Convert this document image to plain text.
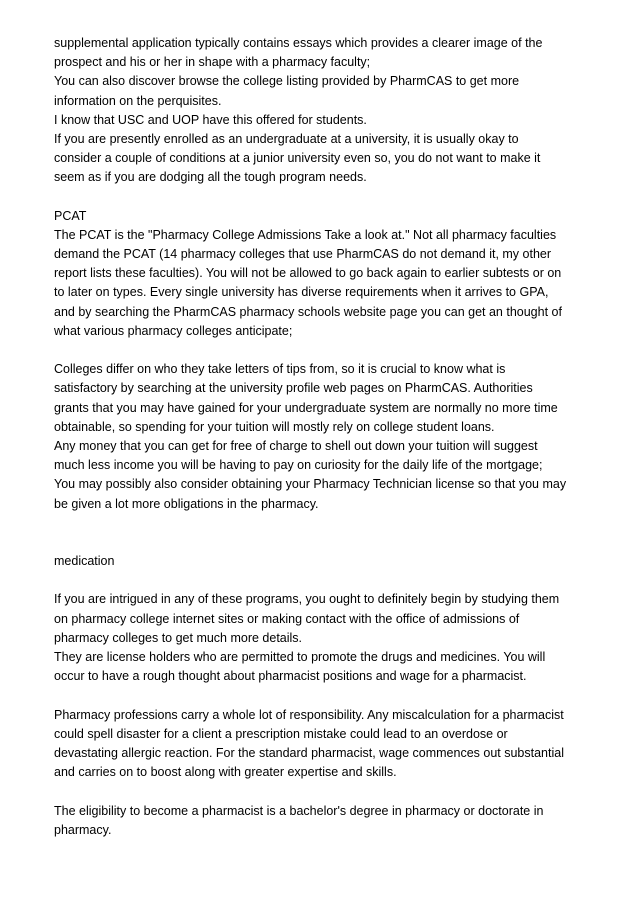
supplemental application typically contains essays which provides a clearer image of the

prospect and his or her in shape with a pharmacy faculty;

You can also discover browse the college listing provided by PharmCAS to get more

information on the perquisites.

I know that USC and UOP have this offered for students.

If you are presently enrolled as an undergraduate at a university, it is usually okay to

consider a couple of conditions at a junior university even so, you do not want to make it

seem as if you are dodging all the tough program needs.

PCAT

The PCAT is the "Pharmacy College Admissions Take a look at." Not all pharmacy faculties

demand the PCAT (14 pharmacy colleges that use PharmCAS do not demand it, my other

report lists these faculties). You will not be allowed to go back again to earlier subtests or on

to later on types. Every single university has diverse requirements when it arrives to GPA,

and by searching the PharmCAS pharmacy schools website page you can get an thought of

what various pharmacy colleges anticipate;

Colleges differ on who they take letters of tips from, so it is crucial to know what is

satisfactory by searching at the university profile web pages on PharmCAS. Authorities

grants that you may have gained for your undergraduate system are normally no more time

obtainable, so spending for your tuition will mostly rely on college student loans.

Any money that you can get for free of charge to shell out down your tuition will suggest

much less income you will be having to pay on curiosity for the daily life of the mortgage;

You may possibly also consider obtaining your Pharmacy Technician license so that you may

be given a lot more obligations in the pharmacy.

medication

If you are intrigued in any of these programs, you ought to definitely begin by studying them

on pharmacy college internet sites or making contact with the office of admissions of

pharmacy colleges to get much more details.

They are license holders who are permitted to promote the drugs and medicines. You will

occur to have a rough thought about pharmacist positions and wage for a pharmacist.

Pharmacy professions carry a whole lot of responsibility. Any miscalculation for a pharmacist

could spell disaster for a client a prescription mistake could lead to an overdose or

devastating allergic reaction. For the standard pharmacist, wage commences out substantial

and carries on to boost along with greater expertise and skills.

The eligibility to become a pharmacist is a bachelor's degree in pharmacy or doctorate in

pharmacy.
